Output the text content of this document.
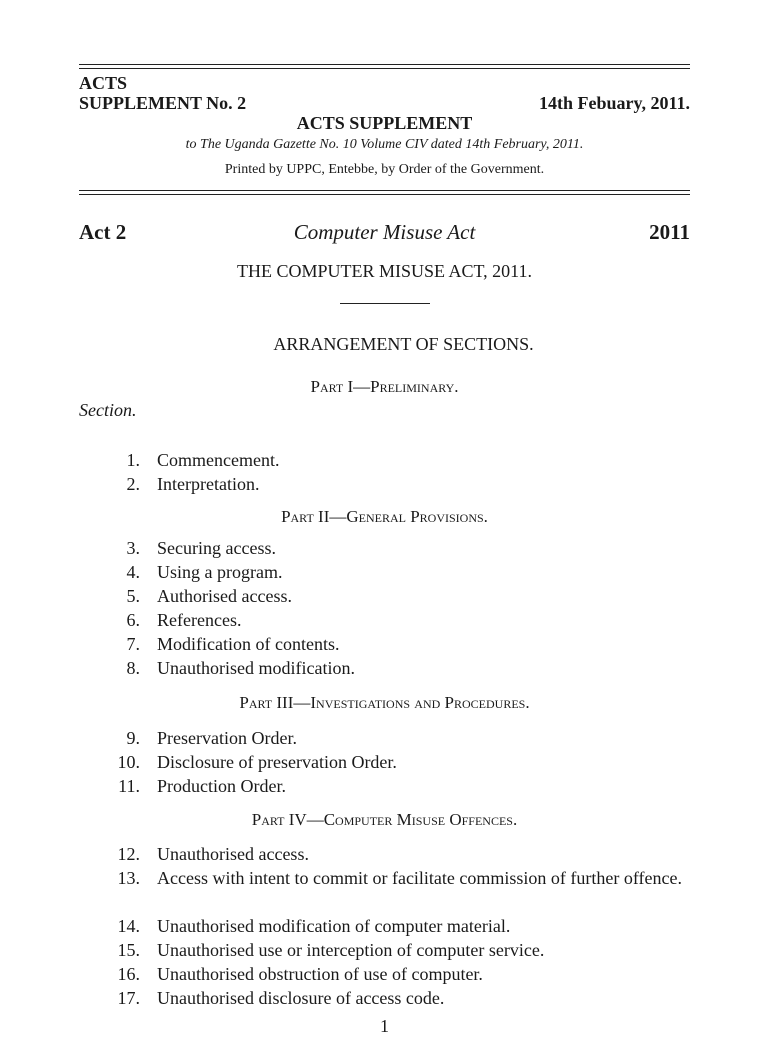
ACTS
SUPPLEMENT No. 2	14th Febuary, 2011.
ACTS SUPPLEMENT
to The Uganda Gazette No. 10 Volume CIV dated 14th February, 2011.
Printed by UPPC, Entebbe, by Order of the Government.
Act 2	Computer Misuse Act	2011
THE COMPUTER MISUSE ACT, 2011.
ARRANGEMENT OF SECTIONS.
Part I—Preliminary.
Section.
1. Commencement.
2. Interpretation.
Part II—General Provisions.
3. Securing access.
4. Using a program.
5. Authorised access.
6. References.
7. Modification of contents.
8. Unauthorised modification.
Part III—Investigations and Procedures.
9. Preservation Order.
10. Disclosure of preservation Order.
11. Production Order.
Part IV—Computer Misuse Offences.
12. Unauthorised access.
13. Access with intent to commit or facilitate commission of further offence.
14. Unauthorised modification of computer material.
15. Unauthorised use or interception of computer service.
16. Unauthorised obstruction of use of computer.
17. Unauthorised disclosure of access code.
1
